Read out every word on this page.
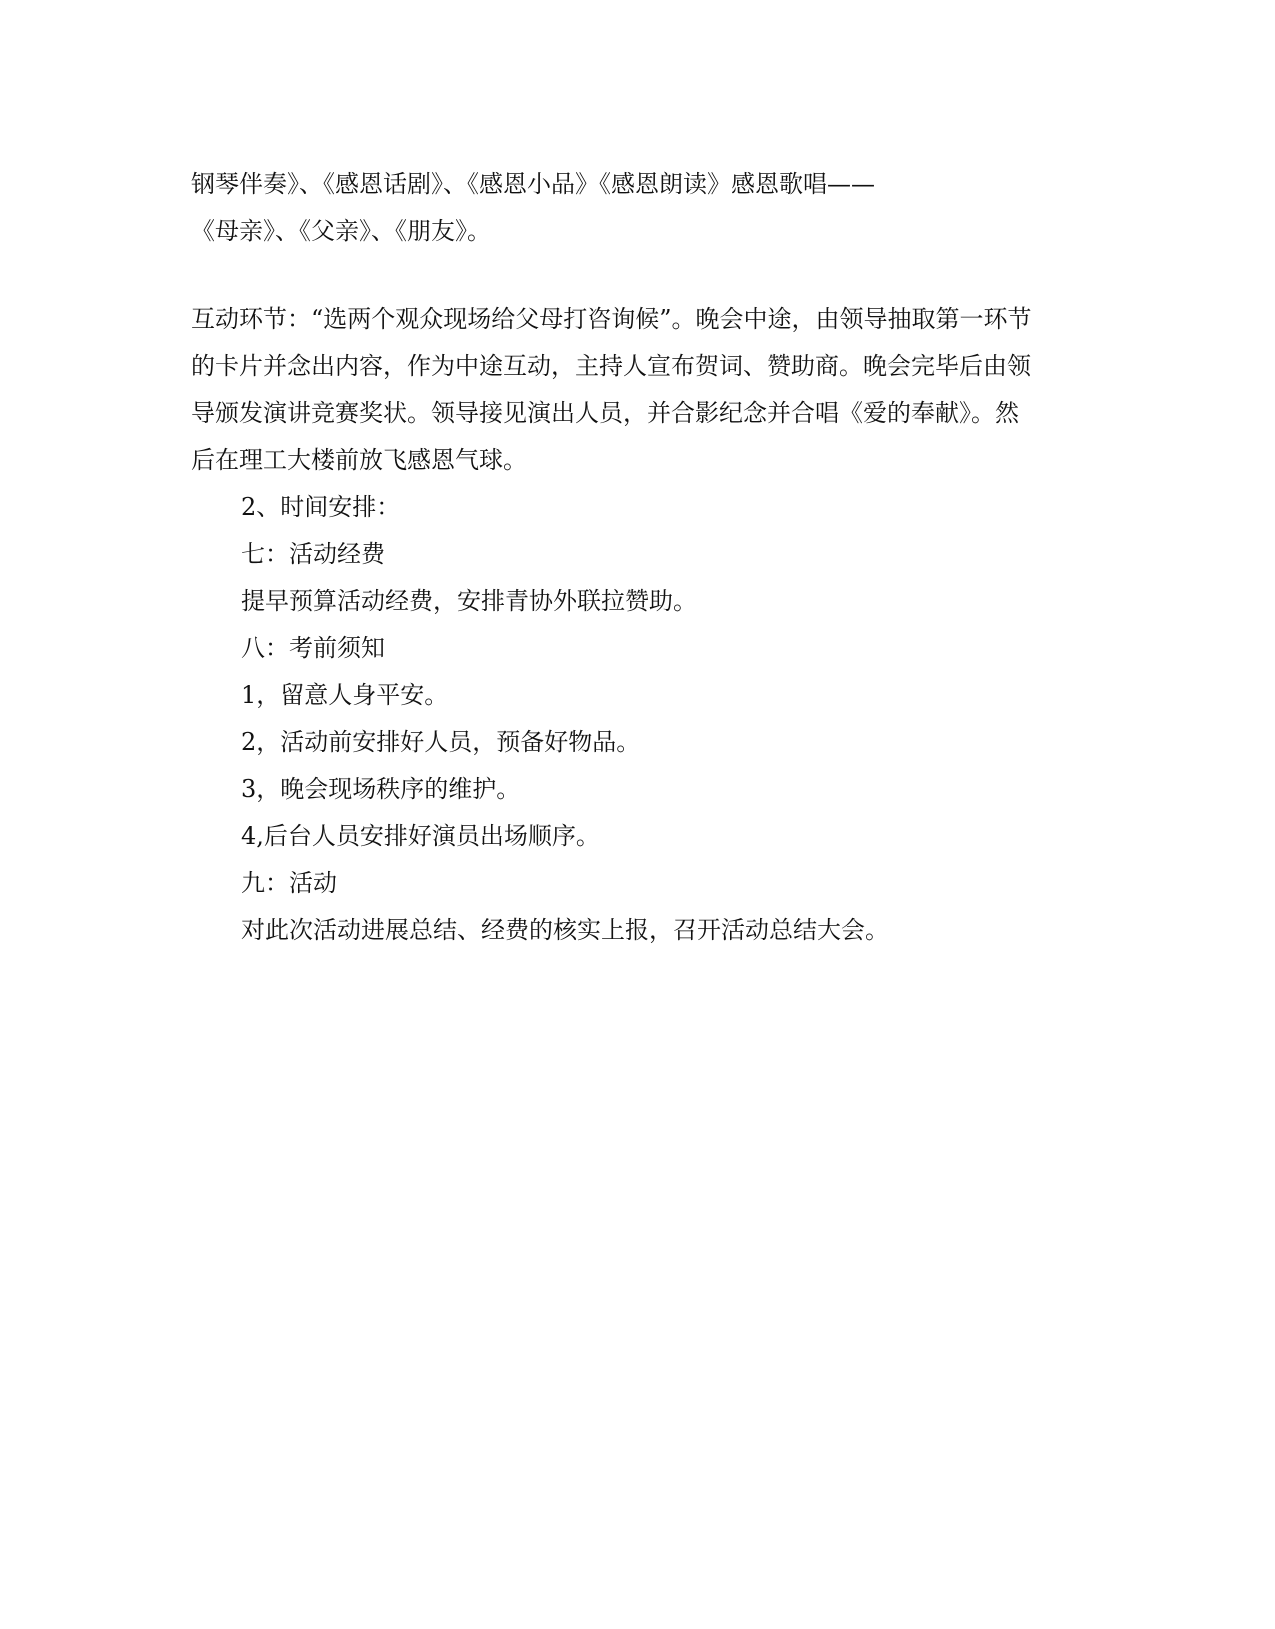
钢琴伴奏》、《感恩话剧》、《感恩小品》《感恩朗读》感恩歌唱——
《母亲》、《父亲》、《朋友》。
互动环节：“选两个观众现场给父母打咨询候”。晚会中途，由领导抽取第一环节
的卡片并念出内容，作为中途互动，主持人宣布贺词、赞助商。晚会完毕后由领
导颁发演讲竞赛奖状。领导接见演出人员，并合影纪念并合唱《爱的奉献》。然
后在理工大楼前放飞感恩气球。
2、时间安排：
七：活动经费
提早预算活动经费，安排青协外联拉赞助。
八：考前须知
1，留意人身平安。
2，活动前安排好人员，预备好物品。
3，晚会现场秩序的维护。
4,后台人员安排好演员出场顺序。
九：活动
对此次活动进展总结、经费的核实上报，召开活动总结大会。
